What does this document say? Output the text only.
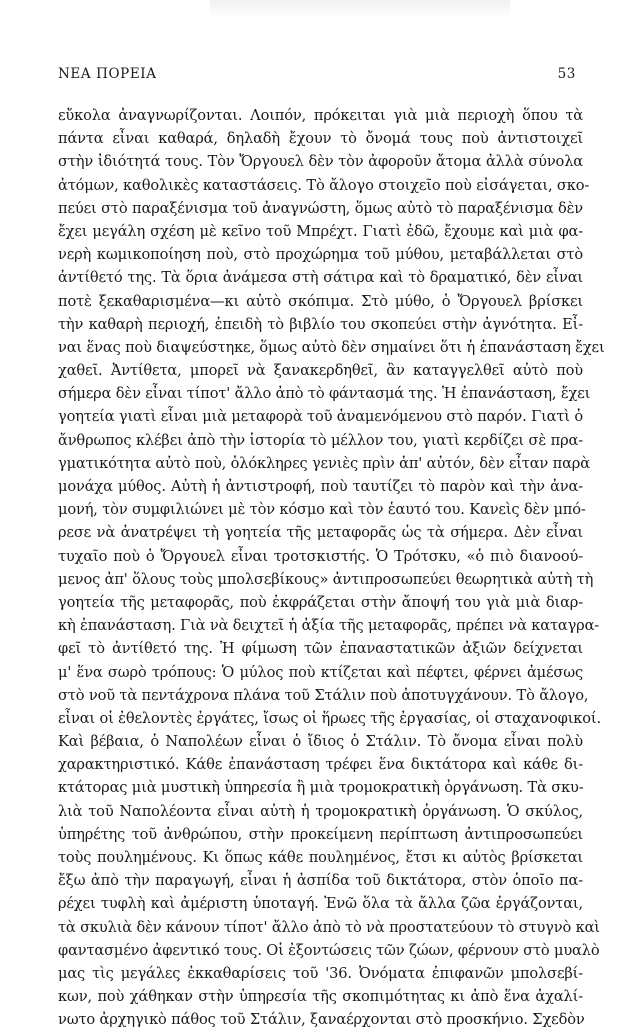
ΝΕΑ ΠΟΡΕΙΑ	53
εὔκολα ἀναγνωρίζονται. Λοιπόν, πρόκειται γιὰ μιὰ περιοχὴ ὅπου τὰ
πάντα εἶναι καθαρά, δηλαδὴ ἔχουν τὸ ὄνομά τους ποὺ ἀντιστοιχεῖ
στὴν ἰδιότητά τους. Τὸν Ὄργουελ δὲν τὸν ἀφοροῦν ἄτομα ἀλλὰ σύνολα
ἀτόμων, καθολικὲς καταστάσεις. Τὸ ἄλογο στοιχεῖο ποὺ εἰσάγεται, σκο-
πεύει στὸ παραξένισμα τοῦ ἀναγνώστη, ὅμως αὐτὸ τὸ παραξένισμα δὲν
ἔχει μεγάλη σχέση μὲ κεῖνο τοῦ Μπρέχτ. Γιατὶ ἐδῶ, ἔχουμε καὶ μιὰ φα-
νερὴ κωμικοποίηση ποὺ, στὸ προχώρημα τοῦ μύθου, μεταβάλλεται στὸ
ἀντίθετό της. Τὰ ὅρια ἀνάμεσα στὴ σάτιρα καὶ τὸ δραματικό, δὲν εἶναι
ποτὲ ξεκαθαρισμένα—κι αὐτὸ σκόπιμα. Στὸ μύθο, ὁ Ὄργουελ βρίσκει
τὴν καθαρὴ περιοχή, ἐπειδὴ τὸ βιβλίο του σκοπεύει στὴν ἀγνότητα. Εἶ-
ναι ἕνας ποὺ διαψεύστηκε, ὅμως αὐτὸ δὲν σημαίνει ὅτι ἡ ἐπανάσταση ἔχει
χαθεῖ. Ἀντίθετα, μπορεῖ νὰ ξανακερδηθεῖ, ἂν καταγγελθεῖ αὐτὸ ποὺ
σήμερα δὲν εἶναι τίποτ' ἄλλο ἀπὸ τὸ φάντασμά της. Ἡ ἐπανάσταση, ἔχει
γοητεία γιατὶ εἶναι μιὰ μεταφορὰ τοῦ ἀναμενόμενου στὸ παρόν. Γιατὶ ὁ
ἄνθρωπος κλέβει ἀπὸ τὴν ἱστορία τὸ μέλλον του, γιατὶ κερδίζει σὲ πρα-
γματικότητα αὐτὸ ποὺ, ὁλόκληρες γενιὲς πρὶν ἀπ' αὐτόν, δὲν εἶταν παρὰ
μονάχα μύθος. Αὐτὴ ἡ ἀντιστροφή, ποὺ ταυτίζει τὸ παρὸν καὶ τὴν ἀνα-
μονή, τὸν συμφιλιώνει μὲ τὸν κόσμο καὶ τὸν ἑαυτό του. Κανεὶς δὲν μπό-
ρεσε νὰ ἀνατρέψει τὴ γοητεία τῆς μεταφορᾶς ὡς τὰ σήμερα. Δὲν εἶναι
τυχαῖο ποὺ ὁ Ὄργουελ εἶναι τροτσκιστής. Ὁ Τρότσκυ, «ὁ πιὸ διανοού-
μενος ἀπ' ὅλους τοὺς μπολσεβίκους» ἀντιπροσωπεύει θεωρητικὰ αὐτὴ τὴ
γοητεία τῆς μεταφορᾶς, ποὺ ἐκφράζεται στὴν ἄποψή του γιὰ μιὰ διαρ-
κὴ ἐπανάσταση. Γιὰ νὰ δειχτεῖ ἡ ἀξία τῆς μεταφορᾶς, πρέπει νὰ καταγρα-
φεῖ τὸ ἀντίθετό της. Ἡ φίμωση τῶν ἐπαναστατικῶν ἀξιῶν δείχνεται
μ' ἕνα σωρὸ τρόπους: Ὁ μύλος ποὺ κτίζεται καὶ πέφτει, φέρνει ἀμέσως
στὸ νοῦ τὰ πεντάχρονα πλάνα τοῦ Στάλιν ποὺ ἀποτυγχάνουν. Τὸ ἄλογο,
εἶναι οἱ ἐθελοντὲς ἐργάτες, ἴσως οἱ ἥρωες τῆς ἐργασίας, οἱ σταχανοφικοί.
Καὶ βέβαια, ὁ Ναπολέων εἶναι ὁ ἴδιος ὁ Στάλιν. Τὸ ὄνομα εἶναι πολὺ
χαρακτηριστικό. Κάθε ἐπανάσταση τρέφει ἕνα δικτάτορα καὶ κάθε δι-
κτάτορας μιὰ μυστικὴ ὑπηρεσία ἢ μιὰ τρομοκρατικὴ ὀργάνωση. Τὰ σκυ-
λιὰ τοῦ Ναπολέοντα εἶναι αὐτὴ ἡ τρομοκρατικὴ ὀργάνωση. Ὁ σκύλος,
ὑπηρέτης τοῦ ἀνθρώπου, στὴν προκείμενη περίπτωση ἀντιπροσωπεύει
τοὺς πουλημένους. Κι ὅπως κάθε πουλημένος, ἔτσι κι αὐτὸς βρίσκεται
ἔξω ἀπὸ τὴν παραγωγή, εἶναι ἡ ἀσπίδα τοῦ δικτάτορα, στὸν ὁποῖο πα-
ρέχει τυφλὴ καὶ ἀμέριστη ὑποταγή. Ἐνῶ ὅλα τὰ ἄλλα ζῶα ἐργάζονται,
τὰ σκυλιὰ δὲν κάνουν τίποτ' ἄλλο ἀπὸ τὸ νὰ προστατεύουν τὸ στυγνὸ καὶ
φαντασμένο ἀφεντικό τους. Οἱ ἐξοντώσεις τῶν ζώων, φέρνουν στὸ μυαλὸ
μας τὶς μεγάλες ἐκκαθαρίσεις τοῦ '36. Ὀνόματα ἐπιφανῶν μπολσεβί-
κων, ποὺ χάθηκαν στὴν ὑπηρεσία τῆς σκοπιμότητας κι ἀπὸ ἕνα ἀχαλί-
νωτο ἀρχηγικὸ πάθος τοῦ Στάλιν, ξαναέρχονται στὸ προσκήνιο. Σχεδὸν
